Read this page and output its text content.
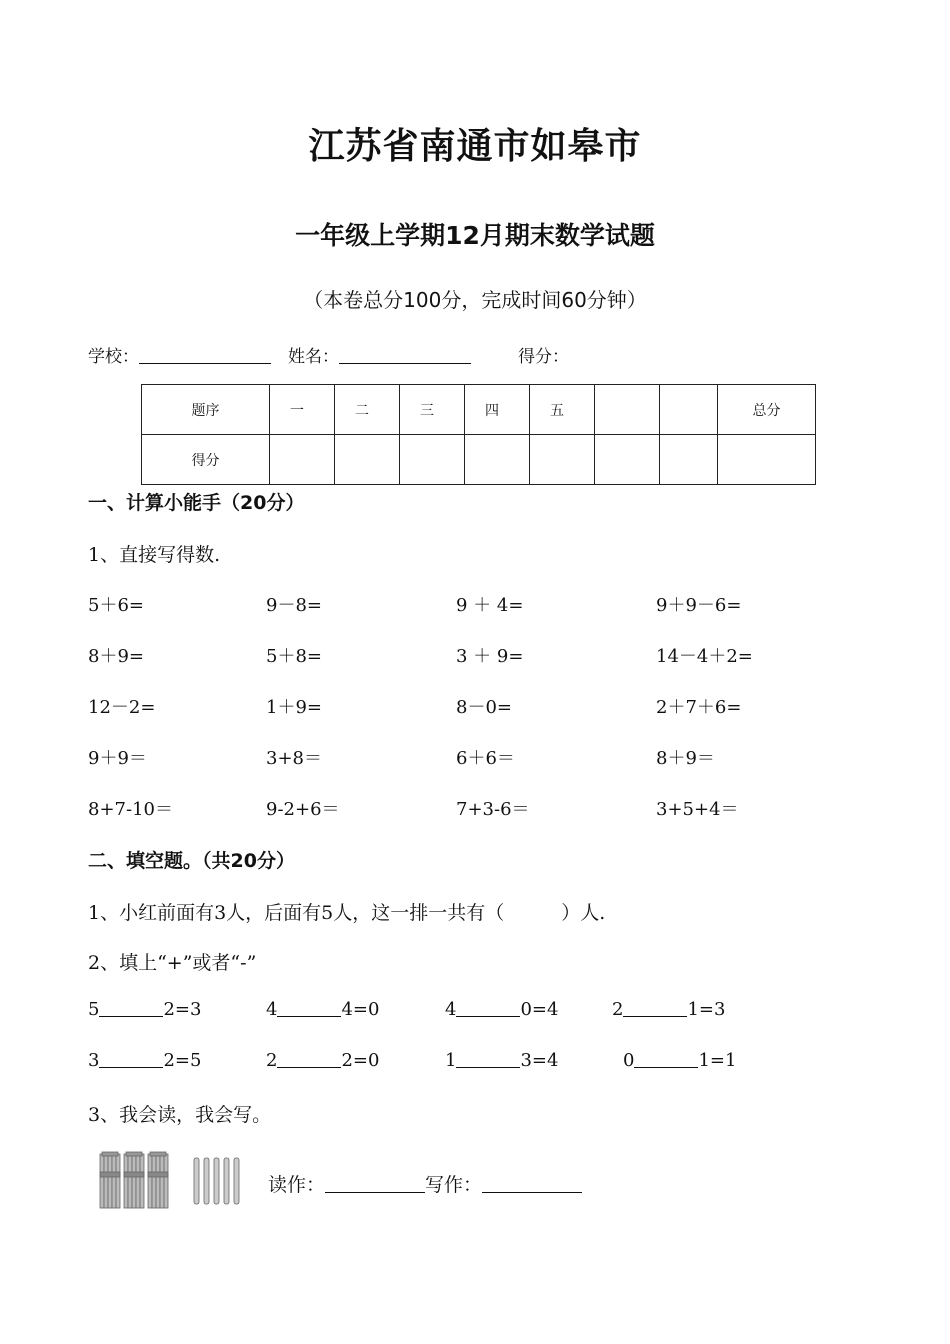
江苏省南通市如皋市
一年级上学期12月期末数学试题
（本卷总分100分，完成时间60分钟）
学校：	姓名：	得分：
题序	一	二	三	四	五			总分
得分								
一、计算小能手（20分）
1、直接写得数.
5＋6=	9－8=	9 ＋ 4=	9＋9－6=
8＋9=	5＋8=	3 ＋ 9=	14－4＋2=
12－2=	1＋9=	8－0=	2＋7＋6=
9＋9＝	3+8＝	6＋6＝	8＋9＝
8+7-10＝	9-2+6＝	7+3-6＝	3+5+4＝
二、填空题。（共20分）
1、小红前面有3人，后面有5人，这一排一共有（　　　）人.
2、填上“+”或者“-”
5	2=3	4	4=0	4	0=4	2	1=3
3	2=5	2	2=0	1	3=4	0	1=1
3、我会读，我会写。
读作：	写作：
